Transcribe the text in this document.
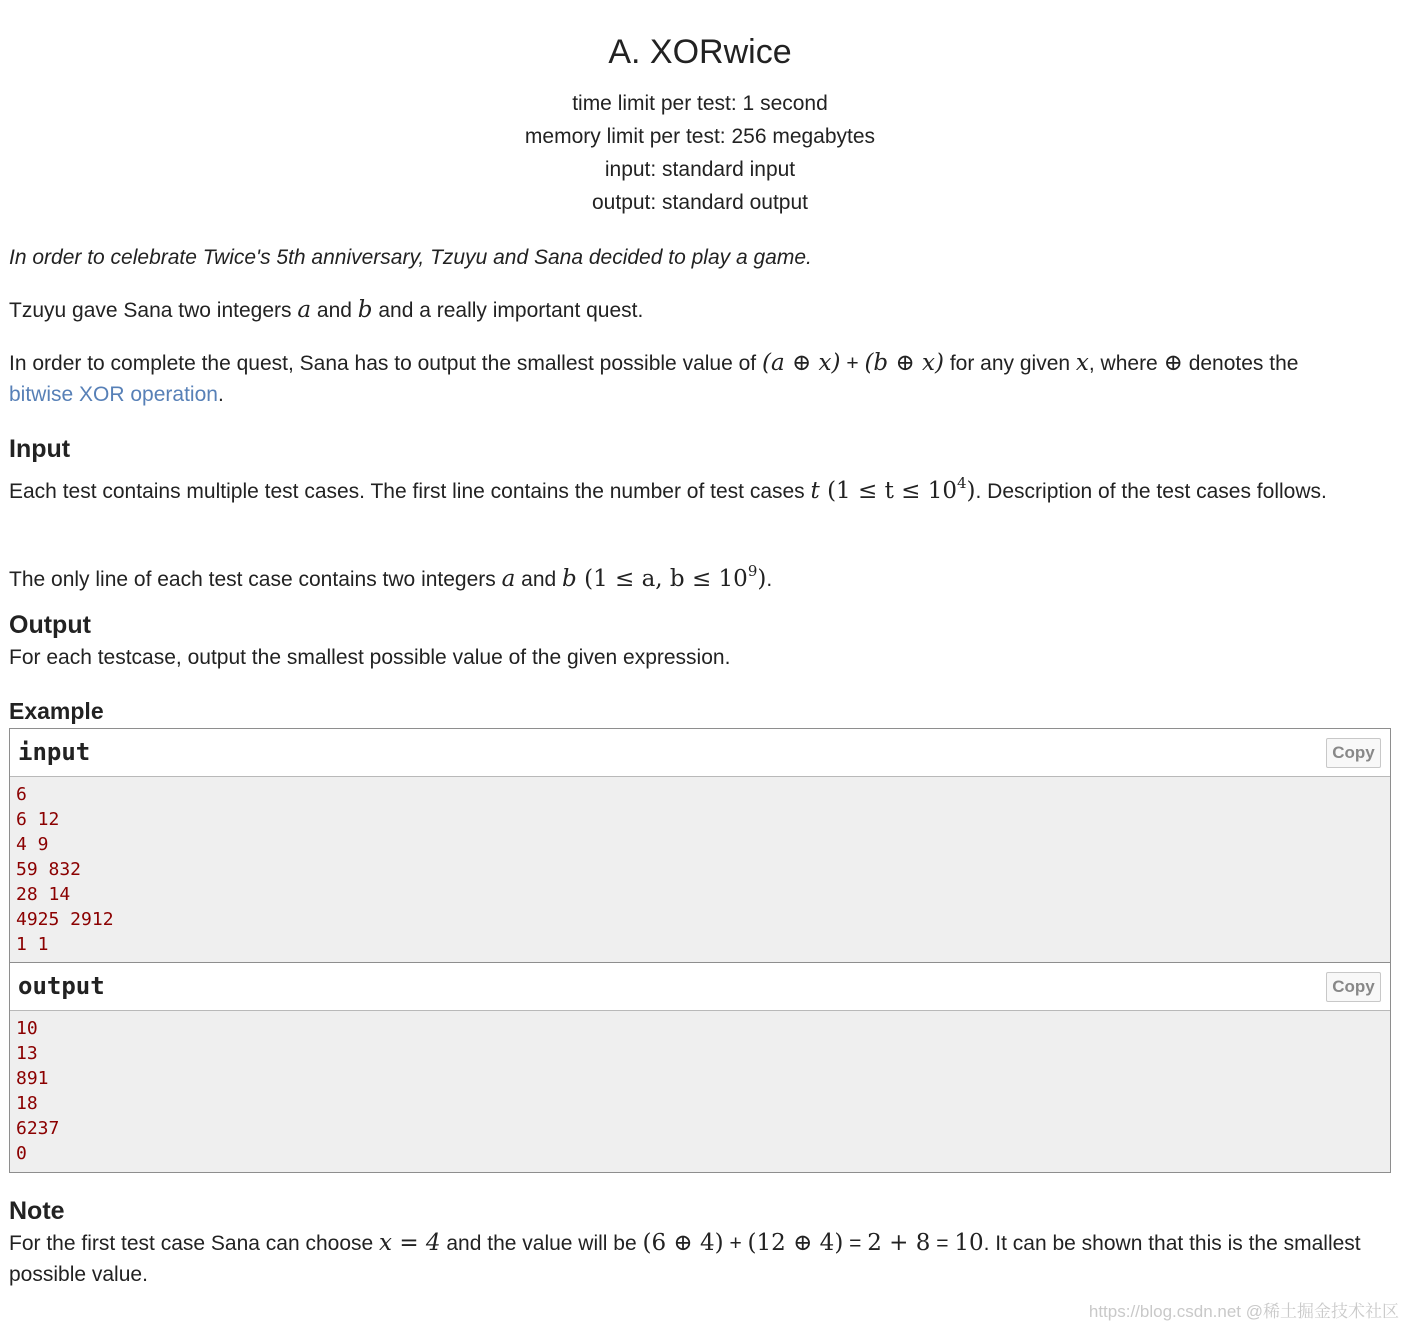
A. XORwice
time limit per test: 1 second
memory limit per test: 256 megabytes
input: standard input
output: standard output
In order to celebrate Twice's 5th anniversary, Tzuyu and Sana decided to play a game.
Tzuyu gave Sana two integers a and b and a really important quest.
In order to complete the quest, Sana has to output the smallest possible value of (a ⊕ x) + (b ⊕ x) for any given x, where ⊕ denotes the
bitwise XOR operation.
Input
Each test contains multiple test cases. The first line contains the number of test cases t $(1 \le t \le 10^4)$. Description of the test cases follows.
The only line of each test case contains two integers a and b (1 ≤ a, $b \le 10^9$).
Output
For each testcase, output the smallest possible value of the given expression.
Example
input	Copy
6
6 12
4 9
59 832
28 14
4925 2912
1 1
output	Copy
10
13
891
18
6237
0
Note
For the first test case Sana can choose x = 4 and the value will be (6 ⊕ 4) + (12 ⊕ 4) = 2 + 8 = 10. It can be shown that this is the smallest possible value.
https://blog.csdn.net @稀土掘金技术社区
